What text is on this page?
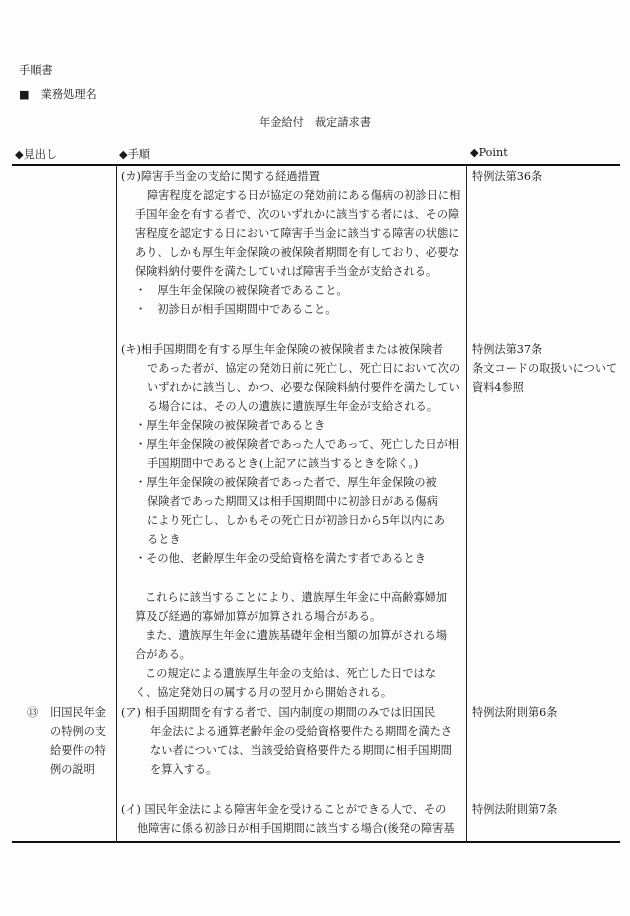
手順書
■　業務処理名
年金給付　裁定請求書
◆見出し	◆手順	◆Point
(カ)障害手当金の支給に関する経過措置
障害程度を認定する日が協定の発効前にある傷病の初診日に相
手国年金を有する者で、次のいずれかに該当する者には、その障
害程度を認定する日において障害手当金に該当する障害の状態に
あり、しかも厚生年金保険の被保険者期間を有しており、必要な
保険料納付要件を満たしていれば障害手当金が支給される。
・　厚生年金保険の被保険者であること。
・　初診日が相手国期間中であること。
特例法第36条
(キ)相手国期間を有する厚生年金保険の被保険者または被保険者
であった者が、協定の発効日前に死亡し、死亡日において次の
いずれかに該当し、かつ、必要な保険料納付要件を満たしてい
る場合には、その人の遺族に遺族厚生年金が支給される。
・厚生年金保険の被保険者であるとき
・厚生年金保険の被保険者であった人であって、死亡した日が相
手国期間中であるとき(上記アに該当するときを除く。)
・厚生年金保険の被保険者であった者で、厚生年金保険の被
保険者であった期間又は相手国期間中に初診日がある傷病
により死亡し、しかもその死亡日が初診日から5年以内にあ
るとき
・その他、老齢厚生年金の受給資格を満たす者であるとき
これらに該当することにより、遺族厚生年金に中高齢寡婦加
算及び経過的寡婦加算が加算される場合がある。
また、遺族厚生年金に遺族基礎年金相当額の加算がされる場
合がある。
この規定による遺族厚生年金の支給は、死亡した日ではな
く、協定発効日の属する月の翌月から開始される。
特例法第37条
条文コードの取扱いについて
資料4参照
⑬ 旧国民年金
の特例の支
給要件の特
例の説明
(ア) 相手国期間を有する者で、国内制度の期間のみでは旧国民
年金法による通算老齢年金の受給資格要件たる期間を満たさ
ない者については、当該受給資格要件たる期間に相手国期間
を算入する。
特例法附則第6条
(イ) 国民年金法による障害年金を受けることができる人で、その
他障害に係る初診日が相手国期間に該当する場合(後発の障害基
特例法附則第7条
